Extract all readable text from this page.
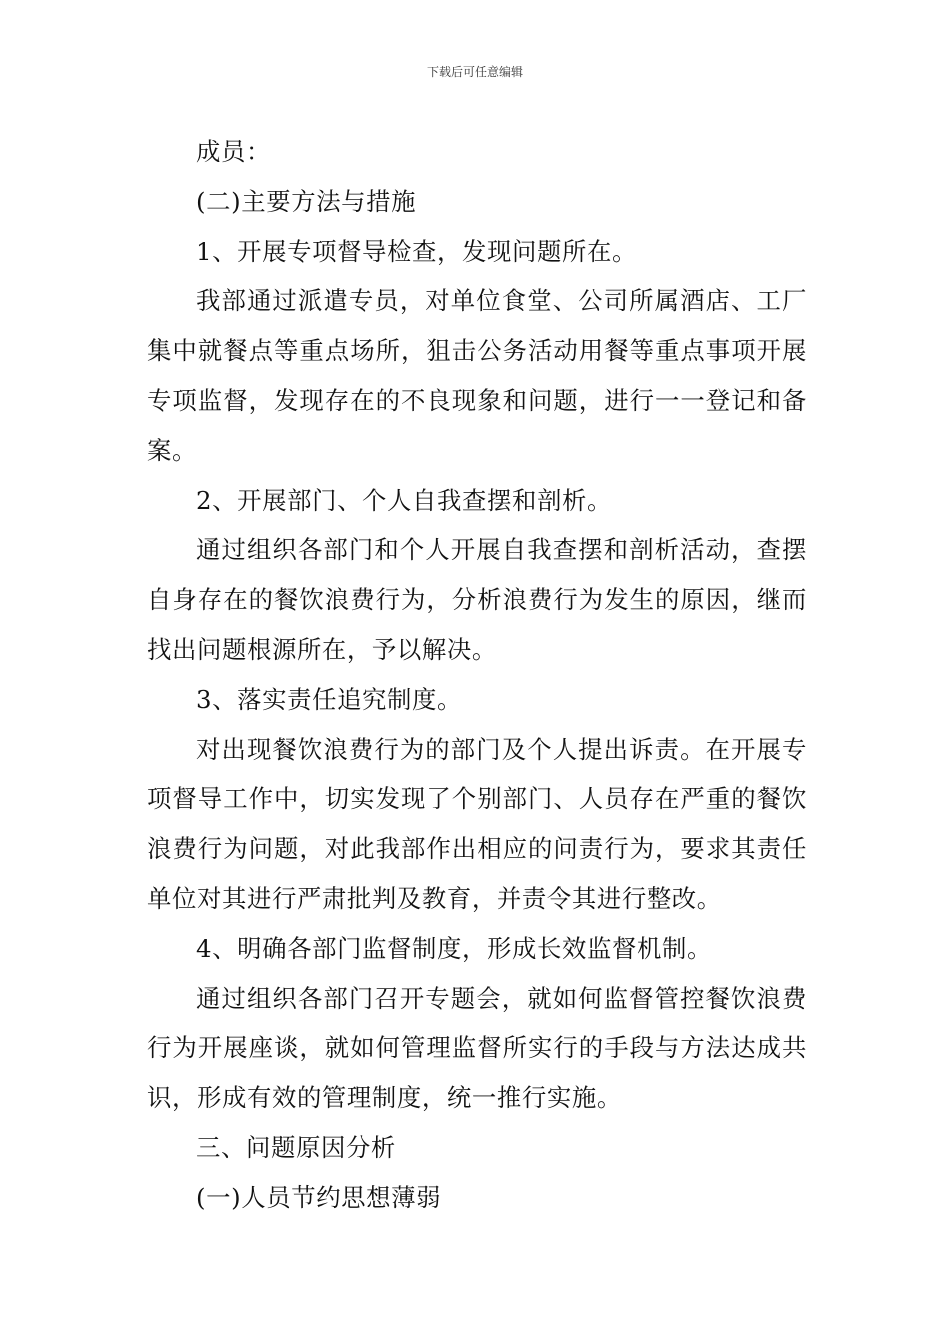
下载后可任意编辑

成员：

(二)主要方法与措施

1、开展专项督导检查，发现问题所在。

我部通过派遣专员，对单位食堂、公司所属酒店、工厂集中就餐点等重点场所，狙击公务活动用餐等重点事项开展专项监督，发现存在的不良现象和问题，进行一一登记和备案。

2、开展部门、个人自我查摆和剖析。

通过组织各部门和个人开展自我查摆和剖析活动，查摆自身存在的餐饮浪费行为，分析浪费行为发生的原因，继而找出问题根源所在，予以解决。

3、落实责任追究制度。

对出现餐饮浪费行为的部门及个人提出诉责。在开展专项督导工作中，切实发现了个别部门、人员存在严重的餐饮浪费行为问题，对此我部作出相应的问责行为，要求其责任单位对其进行严肃批判及教育，并责令其进行整改。

4、明确各部门监督制度，形成长效监督机制。

通过组织各部门召开专题会，就如何监督管控餐饮浪费行为开展座谈，就如何管理监督所实行的手段与方法达成共识，形成有效的管理制度，统一推行实施。

三、问题原因分析

(一)人员节约思想薄弱
